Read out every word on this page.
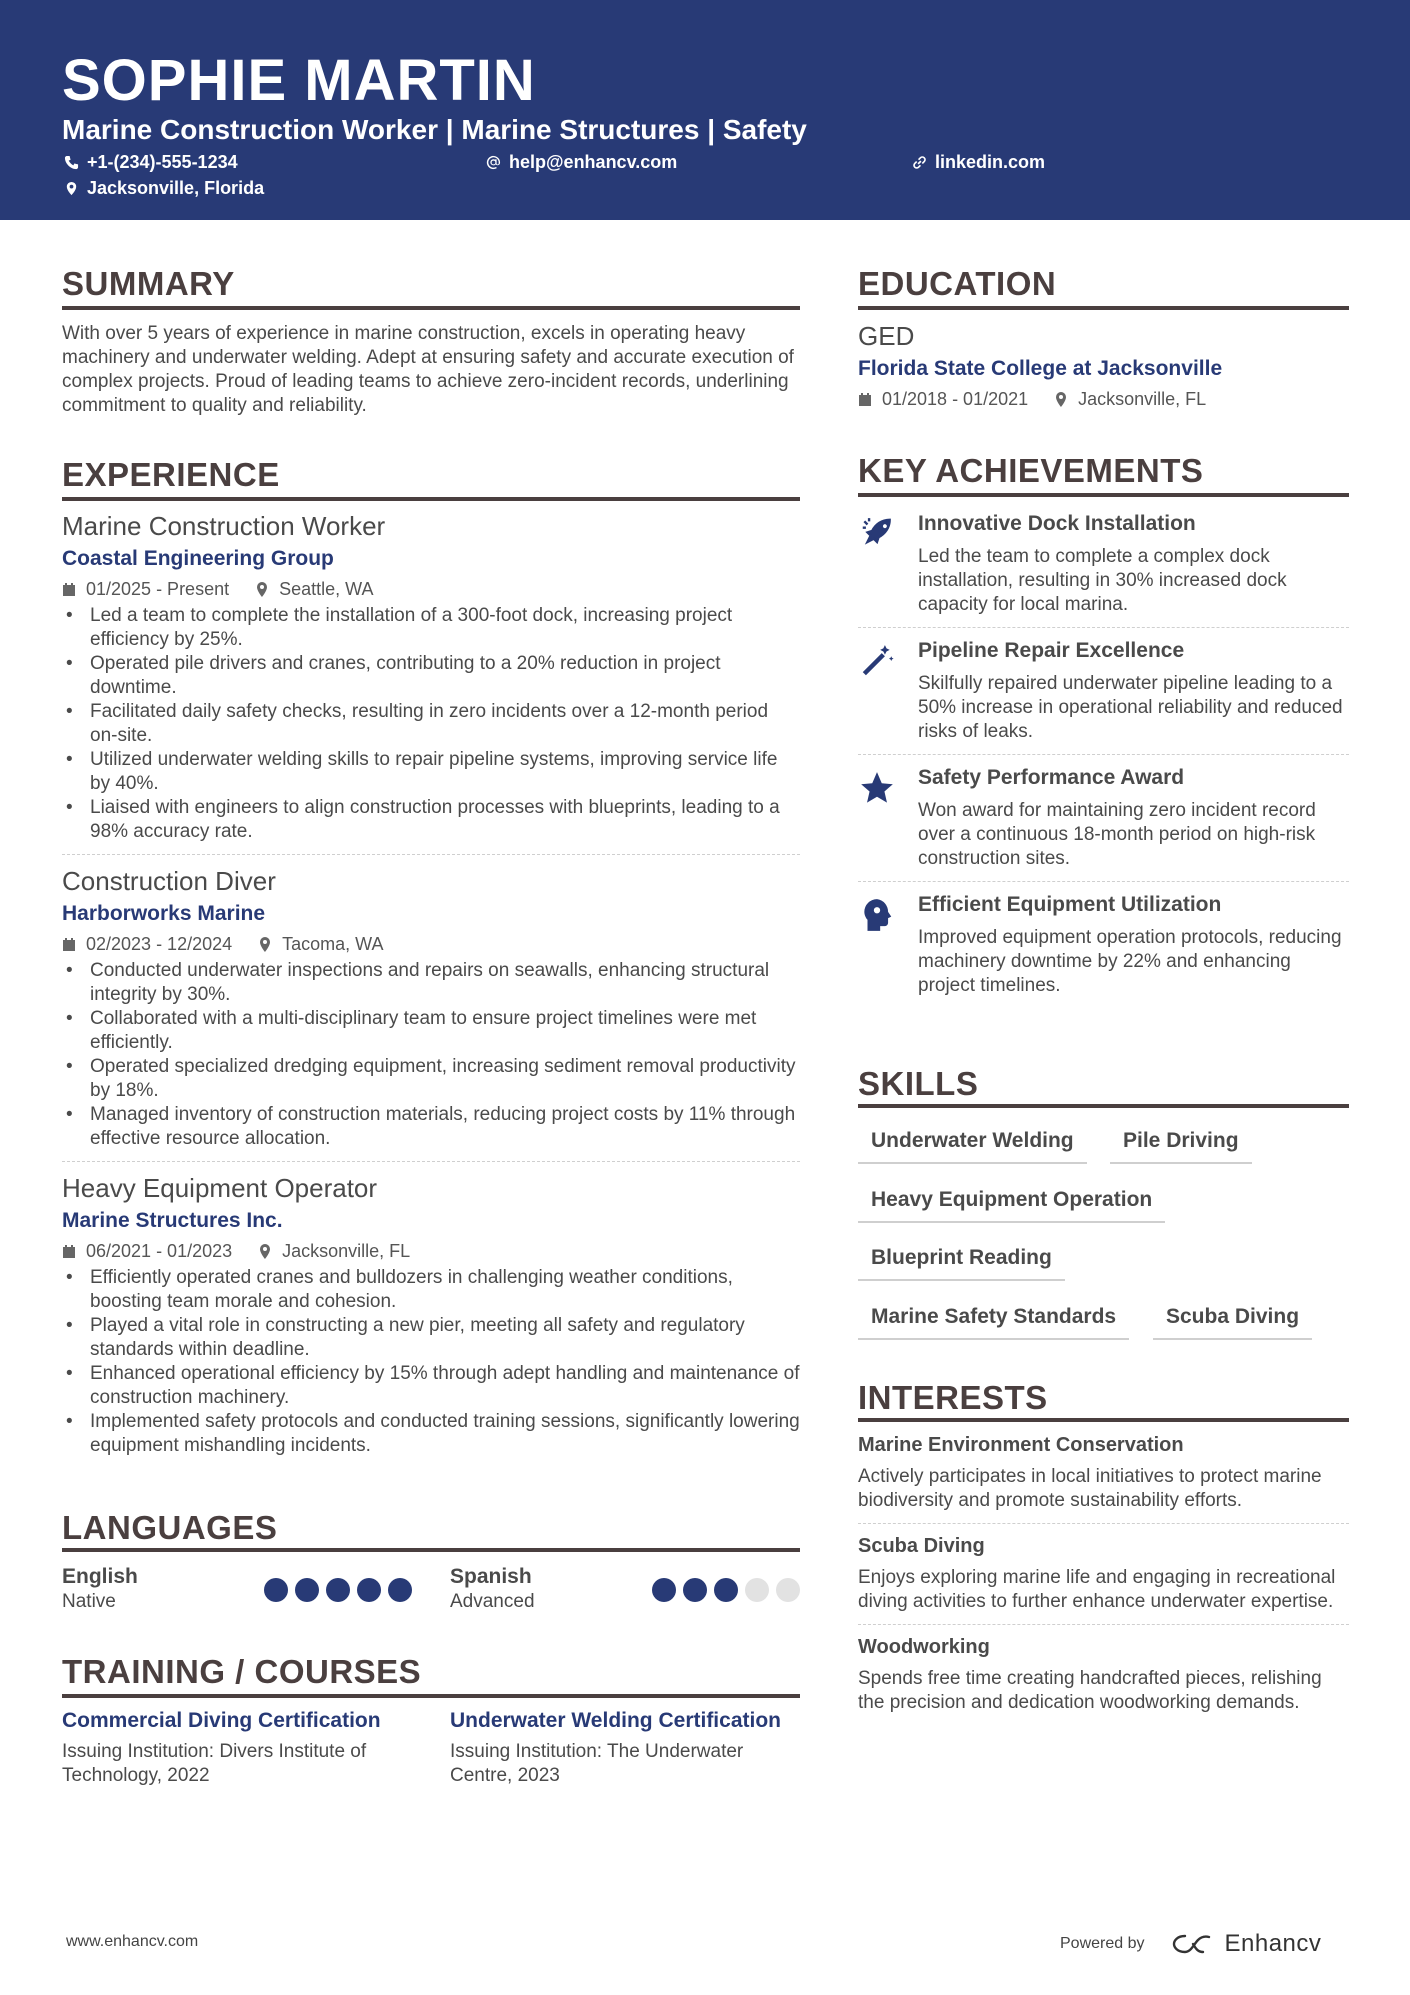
SOPHIE MARTIN
Marine Construction Worker | Marine Structures | Safety
+1-(234)-555-1234	help@enhancv.com	linkedin.com
Jacksonville, Florida
SUMMARY
With over 5 years of experience in marine construction, excels in operating heavy machinery and underwater welding. Adept at ensuring safety and accurate execution of complex projects. Proud of leading teams to achieve zero-incident records, underlining commitment to quality and reliability.
EXPERIENCE
Marine Construction Worker
Coastal Engineering Group
01/2025 - Present	Seattle, WA
• Led a team to complete the installation of a 300-foot dock, increasing project efficiency by 25%.
• Operated pile drivers and cranes, contributing to a 20% reduction in project downtime.
• Facilitated daily safety checks, resulting in zero incidents over a 12-month period on-site.
• Utilized underwater welding skills to repair pipeline systems, improving service life by 40%.
• Liaised with engineers to align construction processes with blueprints, leading to a 98% accuracy rate.
Construction Diver
Harborworks Marine
02/2023 - 12/2024	Tacoma, WA
• Conducted underwater inspections and repairs on seawalls, enhancing structural integrity by 30%.
• Collaborated with a multi-disciplinary team to ensure project timelines were met efficiently.
• Operated specialized dredging equipment, increasing sediment removal productivity by 18%.
• Managed inventory of construction materials, reducing project costs by 11% through effective resource allocation.
Heavy Equipment Operator
Marine Structures Inc.
06/2021 - 01/2023	Jacksonville, FL
• Efficiently operated cranes and bulldozers in challenging weather conditions, boosting team morale and cohesion.
• Played a vital role in constructing a new pier, meeting all safety and regulatory standards within deadline.
• Enhanced operational efficiency by 15% through adept handling and maintenance of construction machinery.
• Implemented safety protocols and conducted training sessions, significantly lowering equipment mishandling incidents.
LANGUAGES
English
Native
Spanish
Advanced
TRAINING / COURSES
Commercial Diving Certification
Issuing Institution: Divers Institute of Technology, 2022
Underwater Welding Certification
Issuing Institution: The Underwater Centre, 2023
EDUCATION
GED
Florida State College at Jacksonville
01/2018 - 01/2021	Jacksonville, FL
KEY ACHIEVEMENTS
Innovative Dock Installation
Led the team to complete a complex dock installation, resulting in 30% increased dock capacity for local marina.
Pipeline Repair Excellence
Skilfully repaired underwater pipeline leading to a 50% increase in operational reliability and reduced risks of leaks.
Safety Performance Award
Won award for maintaining zero incident record over a continuous 18-month period on high-risk construction sites.
Efficient Equipment Utilization
Improved equipment operation protocols, reducing machinery downtime by 22% and enhancing project timelines.
SKILLS
Underwater Welding	Pile Driving
Heavy Equipment Operation
Blueprint Reading
Marine Safety Standards	Scuba Diving
INTERESTS
Marine Environment Conservation
Actively participates in local initiatives to protect marine biodiversity and promote sustainability efforts.
Scuba Diving
Enjoys exploring marine life and engaging in recreational diving activities to further enhance underwater expertise.
Woodworking
Spends free time creating handcrafted pieces, relishing the precision and dedication woodworking demands.
www.enhancv.com	Powered by	Enhancv
